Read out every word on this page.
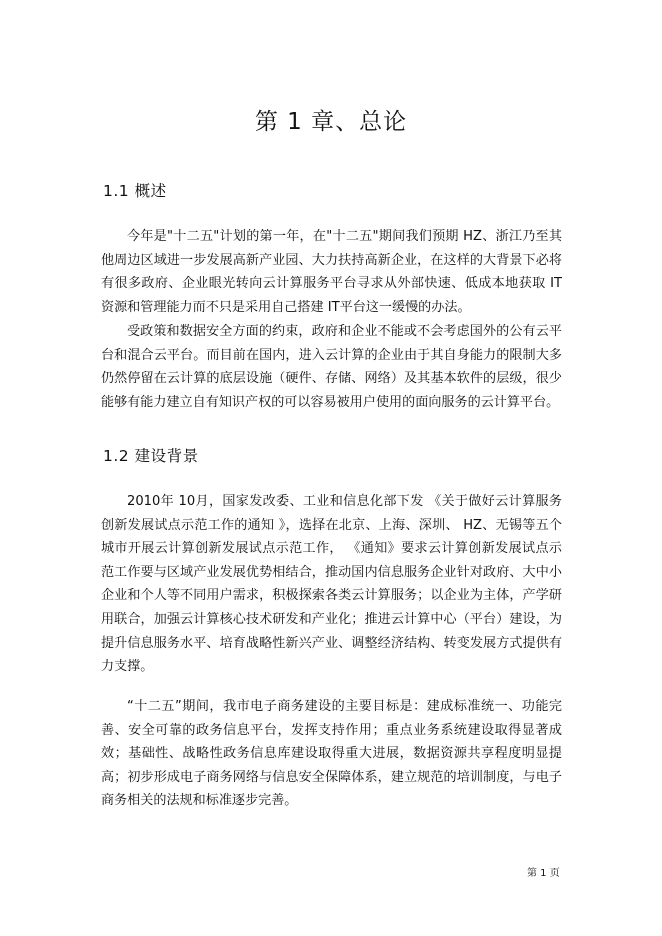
第 1 章、总论
1.1 概述

今年是"十二五"计划的第一年，在"十二五"期间我们预期 HZ、浙江乃至其他周边区域进一步发展高新产业园、大力扶持高新企业，在这样的大背景下必将有很多政府、企业眼光转向云计算服务平台寻求从外部快速、低成本地获取 IT资源和管理能力而不只是采用自己搭建 IT平台这一缓慢的办法。

受政策和数据安全方面的约束，政府和企业不能或不会考虑国外的公有云平台和混合云平台。而目前在国内，进入云计算的企业由于其自身能力的限制大多仍然停留在云计算的底层设施（硬件、存储、网络）及其基本软件的层级，很少能够有能力建立自有知识产权的可以容易被用户使用的面向服务的云计算平台。

1.2 建设背景

2010年 10月，国家发改委、工业和信息化部下发 《关于做好云计算服务创新发展试点示范工作的通知 》，选择在北京、上海、深圳、 HZ、无锡等五个城市开展云计算创新发展试点示范工作， 《通知》要求云计算创新发展试点示范工作要与区域产业发展优势相结合，推动国内信息服务企业针对政府、大中小企业和个人等不同用户需求，积极探索各类云计算服务；以企业为主体，产学研用联合，加强云计算核心技术研发和产业化；推进云计算中心（平台）建设，为提升信息服务水平、培育战略性新兴产业、调整经济结构、转变发展方式提供有力支撑。

“十二五”期间，我市电子商务建设的主要目标是：建成标准统一、功能完善、安全可靠的政务信息平台，发挥支持作用；重点业务系统建设取得显著成效；基础性、战略性政务信息库建设取得重大进展，数据资源共享程度明显提高；初步形成电子商务网络与信息安全保障体系，建立规范的培训制度，与电子商务相关的法规和标准逐步完善。

第 1 页
